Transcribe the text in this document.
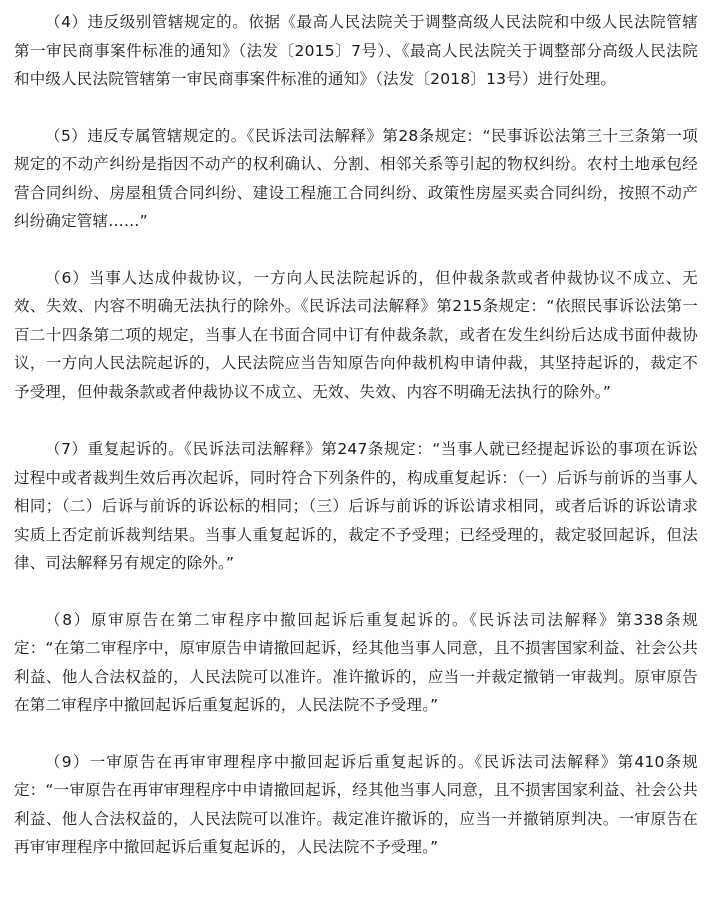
（4）违反级别管辖规定的。依据《最高人民法院关于调整高级人民法院和中级人民法院管辖第一审民商事案件标准的通知》（法发〔2015〕7号）、《最高人民法院关于调整部分高级人民法院和中级人民法院管辖第一审民商事案件标准的通知》（法发〔2018〕13号）进行处理。

（5）违反专属管辖规定的。《民诉法司法解释》第28条规定：“民事诉讼法第三十三条第一项规定的不动产纠纷是指因不动产的权利确认、分割、相邻关系等引起的物权纠纷。农村土地承包经营合同纠纷、房屋租赁合同纠纷、建设工程施工合同纠纷、政策性房屋买卖合同纠纷，按照不动产纠纷确定管辖……”

（6）当事人达成仲裁协议，一方向人民法院起诉的，但仲裁条款或者仲裁协议不成立、无效、失效、内容不明确无法执行的除外。《民诉法司法解释》第215条规定：“依照民事诉讼法第一百二十四条第二项的规定，当事人在书面合同中订有仲裁条款，或者在发生纠纷后达成书面仲裁协议，一方向人民法院起诉的，人民法院应当告知原告向仲裁机构申请仲裁，其坚持起诉的，裁定不予受理，但仲裁条款或者仲裁协议不成立、无效、失效、内容不明确无法执行的除外。”

（7）重复起诉的。《民诉法司法解释》第247条规定：“当事人就已经提起诉讼的事项在诉讼过程中或者裁判生效后再次起诉，同时符合下列条件的，构成重复起诉：（一）后诉与前诉的当事人相同；（二）后诉与前诉的诉讼标的相同；（三）后诉与前诉的诉讼请求相同，或者后诉的诉讼请求实质上否定前诉裁判结果。当事人重复起诉的，裁定不予受理；已经受理的，裁定驳回起诉，但法律、司法解释另有规定的除外。”

（8）原审原告在第二审程序中撤回起诉后重复起诉的。《民诉法司法解释》第338条规定：“在第二审程序中，原审原告申请撤回起诉，经其他当事人同意，且不损害国家利益、社会公共利益、他人合法权益的，人民法院可以准许。准许撤诉的，应当一并裁定撤销一审裁判。原审原告在第二审程序中撤回起诉后重复起诉的，人民法院不予受理。”

（9）一审原告在再审审理程序中撤回起诉后重复起诉的。《民诉法司法解释》第410条规定：“一审原告在再审审理程序中申请撤回起诉，经其他当事人同意，且不损害国家利益、社会公共利益、他人合法权益的，人民法院可以准许。裁定准许撤诉的，应当一并撤销原判决。一审原告在再审审理程序中撤回起诉后重复起诉的，人民法院不予受理。”
